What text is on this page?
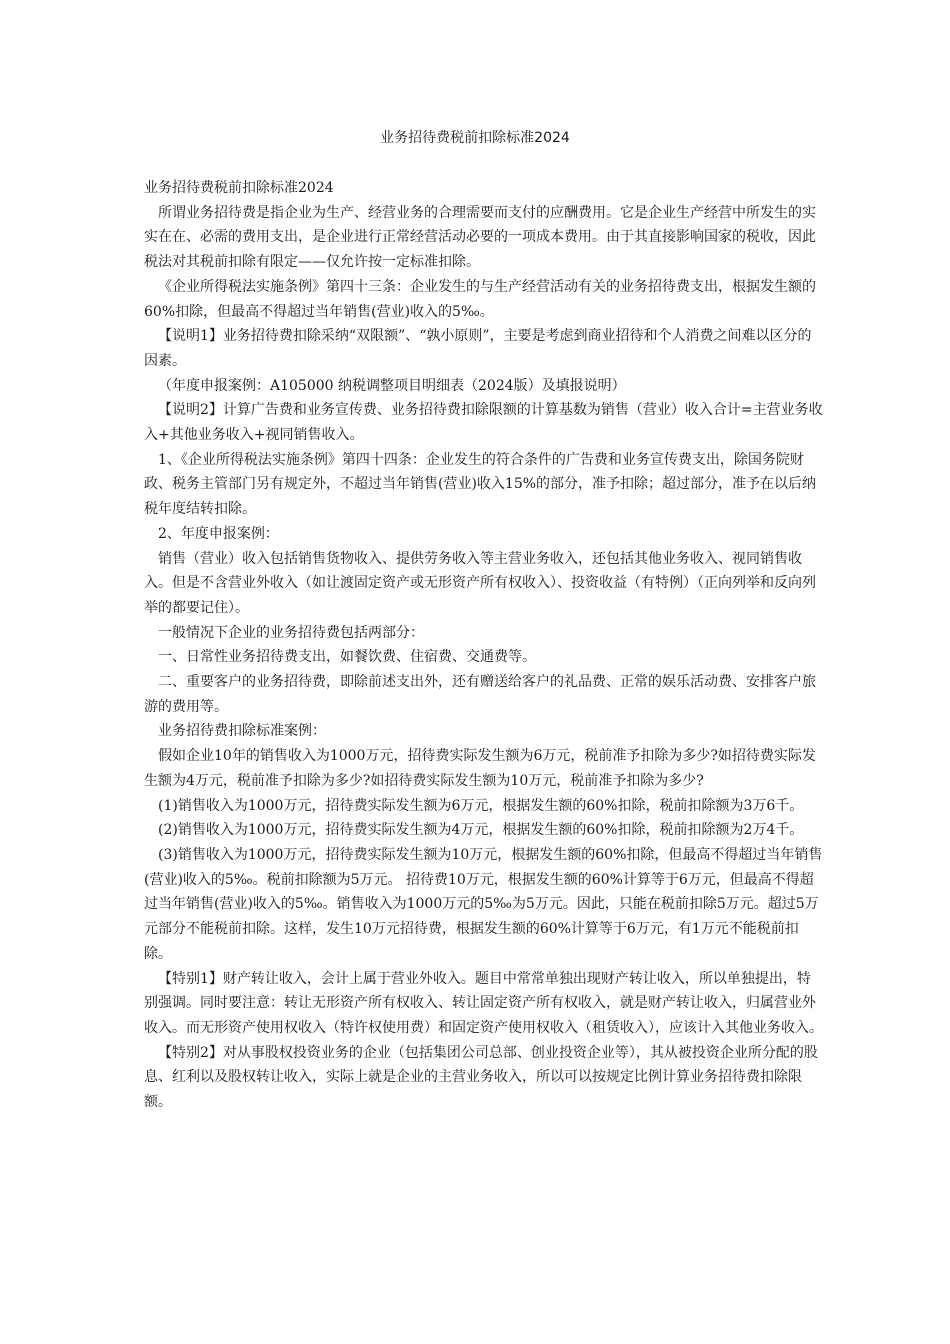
业务招待费税前扣除标准2024

业务招待费税前扣除标准2024

所谓业务招待费是指企业为生产、经营业务的合理需要而支付的应酬费用。它是企业生产经营中所发生的实实在在、必需的费用支出，是企业进行正常经营活动必要的一项成本费用。由于其直接影响国家的税收，因此税法对其税前扣除有限定——仅允许按一定标准扣除。

《企业所得税法实施条例》第四十三条：企业发生的与生产经营活动有关的业务招待费支出，根据发生额的60%扣除，但最高不得超过当年销售(营业)收入的5‰。

【说明1】业务招待费扣除采纳“双限额”、“孰小原则”，主要是考虑到商业招待和个人消费之间难以区分的因素。

（年度申报案例：A105000 纳税调整项目明细表（2024版）及填报说明）

【说明2】计算广告费和业务宣传费、业务招待费扣除限额的计算基数为销售（营业）收入合计=主营业务收入+其他业务收入+视同销售收入。

1、《企业所得税法实施条例》第四十四条：企业发生的符合条件的广告费和业务宣传费支出，除国务院财政、税务主管部门另有规定外，不超过当年销售(营业)收入15%的部分，准予扣除；超过部分，准予在以后纳税年度结转扣除。

2、年度申报案例：

销售（营业）收入包括销售货物收入、提供劳务收入等主营业务收入，还包括其他业务收入、视同销售收入。但是不含营业外收入（如让渡固定资产或无形资产所有权收入）、投资收益（有特例）（正向列举和反向列举的都要记住）。

一般情况下企业的业务招待费包括两部分：

一、日常性业务招待费支出，如餐饮费、住宿费、交通费等。

二、重要客户的业务招待费，即除前述支出外，还有赠送给客户的礼品费、正常的娱乐活动费、安排客户旅游的费用等。

业务招待费扣除标准案例：

假如企业10年的销售收入为1000万元，招待费实际发生额为6万元，税前准予扣除为多少?如招待费实际发生额为4万元，税前准予扣除为多少?如招待费实际发生额为10万元，税前准予扣除为多少?

(1)销售收入为1000万元，招待费实际发生额为6万元，根据发生额的60%扣除，税前扣除额为3万6千。

(2)销售收入为1000万元，招待费实际发生额为4万元，根据发生额的60%扣除，税前扣除额为2万4千。

(3)销售收入为1000万元，招待费实际发生额为10万元，根据发生额的60%扣除，但最高不得超过当年销售(营业)收入的5‰。税前扣除额为5万元。 招待费10万元，根据发生额的60%计算等于6万元，但最高不得超过当年销售(营业)收入的5‰。销售收入为1000万元的5‰为5万元。因此，只能在税前扣除5万元。超过5万元部分不能税前扣除。这样，发生10万元招待费，根据发生额的60%计算等于6万元，有1万元不能税前扣除。

【特别1】财产转让收入，会计上属于营业外收入。题目中常常单独出现财产转让收入，所以单独提出，特别强调。同时要注意：转让无形资产所有权收入、转让固定资产所有权收入，就是财产转让收入，归属营业外收入。而无形资产使用权收入（特许权使用费）和固定资产使用权收入（租赁收入），应该计入其他业务收入。

【特别2】对从事股权投资业务的企业（包括集团公司总部、创业投资企业等），其从被投资企业所分配的股息、红利以及股权转让收入，实际上就是企业的主营业务收入，所以可以按规定比例计算业务招待费扣除限额。
